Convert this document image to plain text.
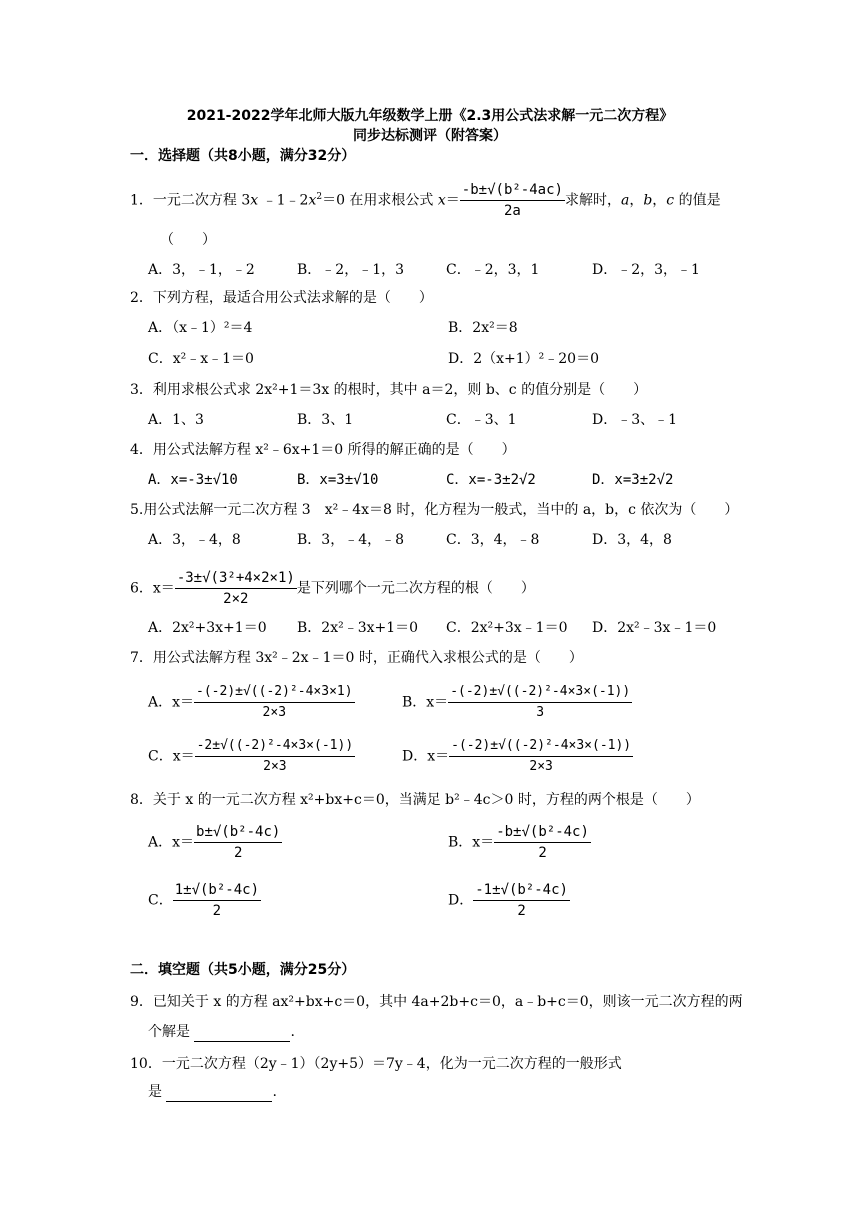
2021-2022学年北师大版九年级数学上册《2.3用公式法求解一元二次方程》
同步达标测评（附答案）
一．选择题（共8小题，满分32分）
1．一元二次方程 3x $﹣1﹣2x^2=0$ 在用求根公式 $x= \frac{\text{-b±√(b²-4ac)}}{2a}$ 求解时，a，b，c 的值是
（　　）
A．3，﹣1，﹣2	B．﹣2，﹣1，3	C．﹣2，3，1	D．﹣2，3，﹣1
2．下列方程，最适合用公式法求解的是（　　）
A．（x﹣1）²＝4	B．2x²＝8
C．x²﹣x﹣1＝0	D．2（x+1）²﹣20＝0
3．利用求根公式求 2x²+1＝3x 的根时，其中 a＝2，则 b、c 的值分别是（　　）
A．1、3	B．3、1	C．﹣3、1	D．﹣3、﹣1
4．用公式法解方程 x²﹣6x+1＝0 所得的解正确的是（　　）
A．x=-3±√10	B．x=3±√10	C．x=-3±2√2	D．x=3±2√2
5.用公式法解一元二次方程 3　x²﹣4x＝8 时，化方程为一般式，当中的 a，b，c 依次为（　　）
A．3，﹣4，8	B．3，﹣4，﹣8	C．3，4，﹣8	D．3，4，8
6．$x= \frac{\text{-3±√(3²+4×2×1)}}{2\times 2}$ 是下列哪个一元二次方程的根（　　）
A．2x²+3x+1＝0 B．2x²﹣3x+1＝0 C．2x²+3x﹣1＝0 D．2x²﹣3x﹣1＝0
7．用公式法解方程 3x²﹣2x﹣1＝0 时，正确代入求根公式的是（　　）
A．$x= \frac{\text{-(-2)±√((-2)²-4×3×1)}}{2\times 3}$	B．$x= \frac{\text{-(-2)±√((-2)²-4×3×(-1))}}{3}$
C．$x= \frac{\text{-2±√((-2)²-4×3×(-1))}}{2\times 3}$	D．$x= \frac{\text{-(-2)±√((-2)²-4×3×(-1))}}{2\times 3}$
8．关于 x 的一元二次方程 x²+bx+c＝0，当满足 b²﹣4c＞0 时，方程的两个根是（　　）
A．$x= \frac{\text{b±√(b²-4c)}}{2}$	B．$x= \frac{\text{-b±√(b²-4c)}}{2}$
C． $\frac{\text{1±√(b²-4c)}}{2}$	D． $\frac{\text{-1±√(b²-4c)}}{2}$
二．填空题（共5小题，满分25分）
9．已知关于 x 的方程 ax²+bx+c＝0，其中 4a+2b+c＝0，a﹣b+c＝0，则该一元二次方程的两
个解是	.
10．一元二次方程（2y﹣1）（2y+5）＝7y﹣4，化为一元二次方程的一般形式
是	.
